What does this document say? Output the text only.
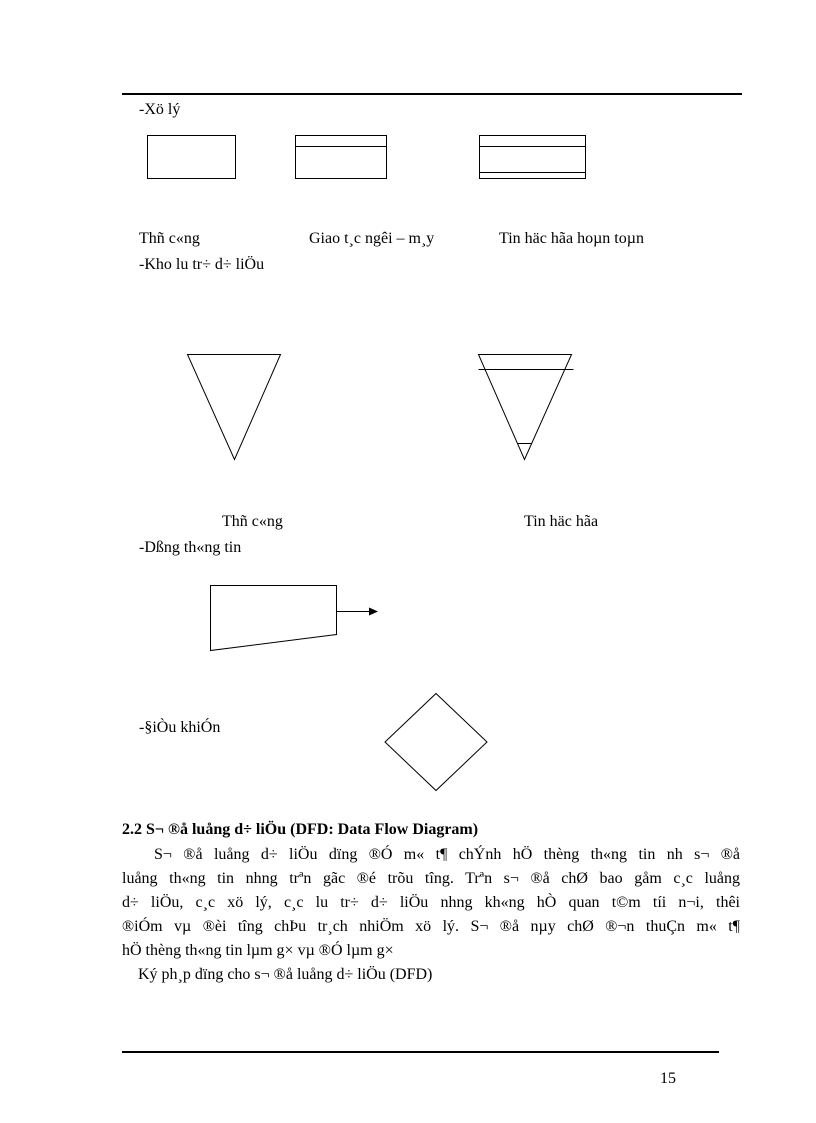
-Xö lý
Thñ c«ng	Giao t¸c ngêi – m¸y	Tin häc hãa hoµn toµn
-Kho lu tr÷ d÷ liÖu
Thñ c«ng	Tin häc hãa
-Dßng th«ng tin
-§iÒu khiÓn
2.2 S¬ ®å luång d÷ liÖu (DFD: Data Flow Diagram)
S¬ ®å luång d÷ liÖu dïng ®Ó m« t¶ chÝnh hÖ thèng th«ng tin nh s¬ ®å
luång th«ng tin nhng trªn gãc ®é trõu tîng. Trªn s¬ ®å chØ bao gåm c¸c luång
d÷ liÖu, c¸c xö lý, c¸c lu tr÷ d÷ liÖu nhng kh«ng hÒ quan t©m tíi n¬i, thêi
®iÓm vµ ®èi tîng chÞu tr¸ch nhiÖm xö lý. S¬ ®å nµy chØ ®¬n thuÇn m« t¶
hÖ thèng th«ng tin lµm g× vµ ®Ó lµm g×
Ký ph¸p dïng cho s¬ ®å luång d÷ liÖu (DFD)
15
